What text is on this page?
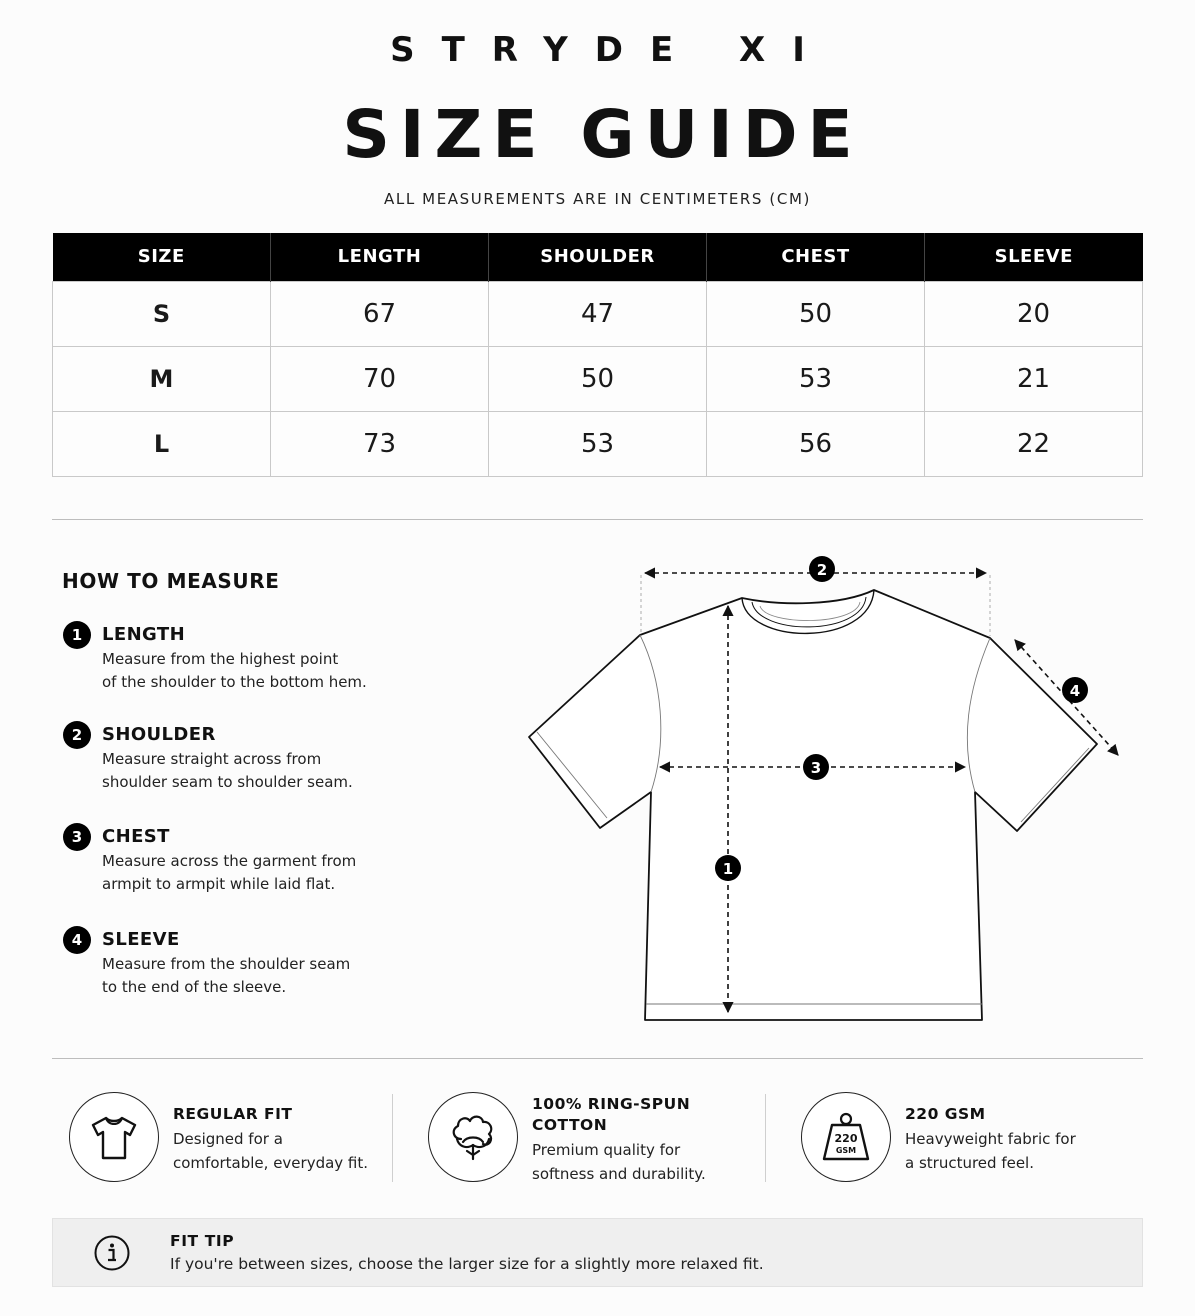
STRYDE XI
SIZE GUIDE
ALL MEASUREMENTS ARE IN CENTIMETERS (CM)
SIZE	LENGTH	SHOULDER	CHEST	SLEEVE
S	67	47	50	20
M	70	50	53	21
L	73	53	56	22
HOW TO MEASURE
1	LENGTH
Measure from the highest point
of the shoulder to the bottom hem.
2	SHOULDER
Measure straight across from
shoulder seam to shoulder seam.
3	CHEST
Measure across the garment from
armpit to armpit while laid flat.
4	SLEEVE
Measure from the shoulder seam
to the end of the sleeve.
2
3
1
4
REGULAR FIT
Designed for a
comfortable, everyday fit.
100% RING-SPUN
COTTON
Premium quality for
softness and durability.
220
GSM
220 GSM
Heavyweight fabric for
a structured feel.
FIT TIP
If you're between sizes, choose the larger size for a slightly more relaxed fit.
